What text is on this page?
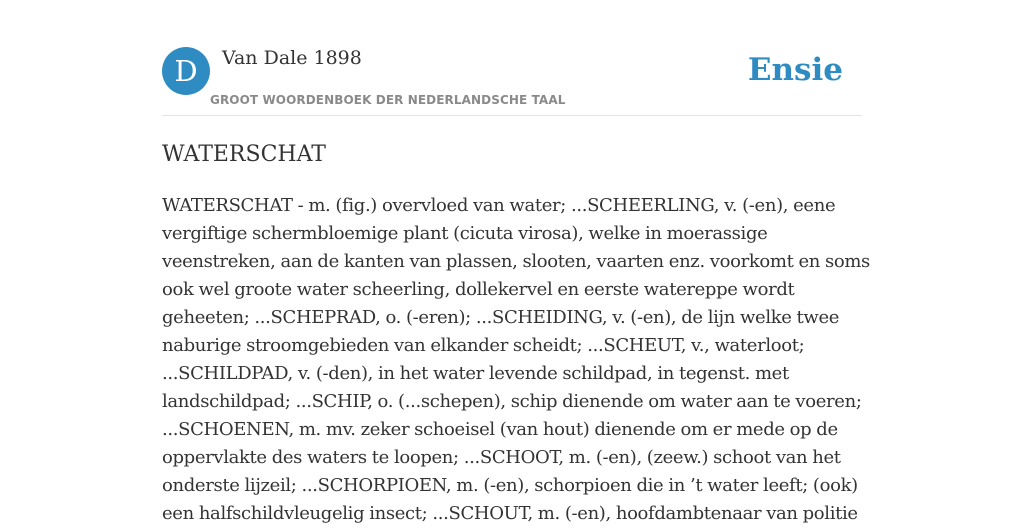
D	Van Dale 1898
GROOT WOORDENBOEK DER NEDERLANDSCHE TAAL
Ensie
WATERSCHAT
WATERSCHAT - m. (fig.) overvloed van water; ...SCHEERLING, v. (-en), eene
vergiftige schermbloemige plant (cicuta virosa), welke in moerassige
veenstreken, aan de kanten van plassen, slooten, vaarten enz. voorkomt en soms
ook wel groote water scheerling, dollekervel en eerste watereppe wordt
geheeten; ...SCHEPRAD, o. (-eren); ...SCHEIDING, v. (-en), de lijn welke twee
naburige stroomgebieden van elkander scheidt; ...SCHEUT, v., waterloot;
...SCHILDPAD, v. (-den), in het water levende schildpad, in tegenst. met
landschildpad; ...SCHIP, o. (...schepen), schip dienende om water aan te voeren;
...SCHOENEN, m. mv. zeker schoeisel (van hout) dienende om er mede op de
oppervlakte des waters te loopen; ...SCHOOT, m. (-en), (zeew.) schoot van het
onderste lijzeil; ...SCHORPIOEN, m. (-en), schorpioen die in ’t water leeft; (ook)
een halfschildvleugelig insect; ...SCHOUT, m. (-en), hoofdambtenaar van politie
